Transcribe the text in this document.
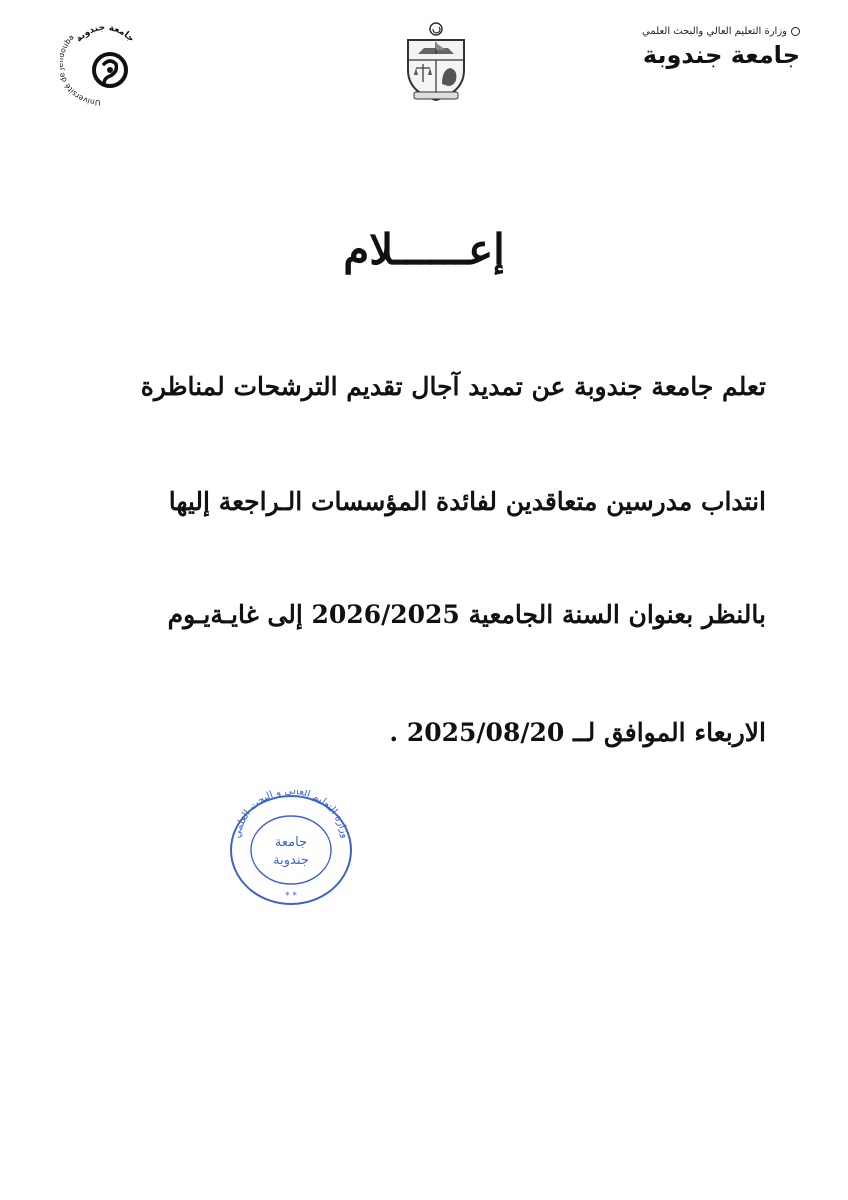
جامعة جندوبة
Université uba
وزارة التعليم العالي والبحث العلمي
جامعة جندوبة
إعــــــلام
تعلم جامعة جندوبة عن تمديد آجال تقديم الترشحات لمناظرة
انتداب مدرسين متعاقدين لفائدة المؤسسات الـراجعة إليها
بالنظر بعنوان السنة الجامعية 2026/2025 إلى غايـةيـوم
الاربعاء الموافق لــ 2025/08/20 .
وزارة التعليم العالي و البحث العلمي
جامعة
جندوبة
* *
